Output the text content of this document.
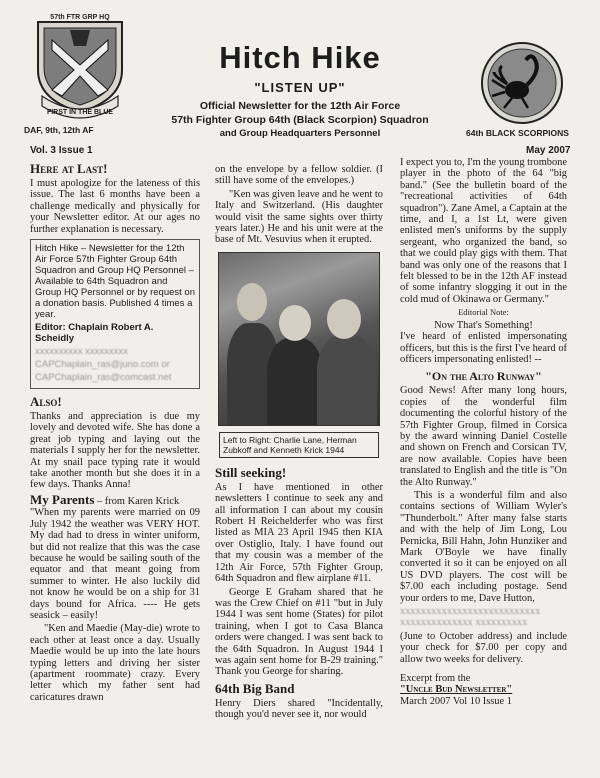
57th FTR GRP HQ
FIRST IN THE BLUE
DAF, 9th, 12th AF
Hitch Hike
"LISTEN UP"
Official Newsletter for the 12th Air Force
57th Fighter Group 64th (Black Scorpion) Squadron
and Group Headquarters Personnel	64th BLACK SCORPIONS
Vol. 3 Issue 1	May 2007
Here at Last!

I must apologize for the lateness of this issue. The last 6 months have been a challenge medically and physically for your Newsletter editor. At our ages no further explanation is necessary.

Hitch Hike – Newsletter for the 12th Air Force 57th Fighter Group 64th Squadron and Group HQ Personnel – Available to 64th Squadron and Group HQ Personnel or by request on a donation basis. Published 4 times a year.

Editor: Chaplain Robert A. Scheidly

xxxxxxxxxx xxxxxxxxx

CAPChaplain_ras@juno.com or

CAPChaplain_ras@comcast.net

Also!

Thanks and appreciation is due my lovely and devoted wife. She has done a great job typing and laying out the materials I supply her for the newsletter. At my snail pace typing rate it would take another month but she does it in a few days. Thanks Anna!

My Parents – from Karen Krick

"When my parents were married on 09 July 1942 the weather was VERY HOT. My dad had to dress in winter uniform, but did not realize that this was the case because he would be sailing south of the equator and that meant going from summer to winter. He also luckily did not know he would be on a ship for 31 days bound for Africa. ---- He gets seasick – easily!

"Ken and Maedie (May-die) wrote to each other at least once a day. Usually Maedie would be up into the late hours typing letters and driving her sister (apartment roommate) crazy. Every letter which my father sent had caricatures drawn

on the envelope by a fellow soldier. (I still have some of the envelopes.)

"Ken was given leave and he went to Italy and Switzerland. (His daughter would visit the same sights over thirty years later.) He and his unit were at the base of Mt. Vesuvius when it erupted.

Left to Right: Charlie Lane, Herman Zubkoff and Kenneth Krick 1944
Still seeking!

As I have mentioned in other newsletters I continue to seek any and all information I can about my cousin Robert H Reichelderfer who was first listed as MIA 23 April 1945 then KIA over Ostiglio, Italy. I have found out that my cousin was a member of the 12th Air Force, 57th Fighter Group, 64th Squadron and flew airplane #11.

George E Graham shared that he was the Crew Chief on #11 "but in July 1944 I was sent home (States) for pilot training, when I got to Casa Blanca orders were changed. I was sent back to the 64th Squadron. In August 1944 I was again sent home for B-29 training." Thank you George for sharing.

64th Big Band

Henry Diers shared "Incidentally, though you'd never see it, nor would

I expect you to, I'm the young trombone player in the photo of the 64 "big band." (See the bulletin board of the "recreational activities of 64th squadron"). Zane Amel, a Captain at the time, and I, a 1st Lt, were given enlisted men's uniforms by the supply sergeant, who organized the band, so that we could play gigs with them. That band was only one of the reasons that I felt blessed to be in the 12th AF instead of some infantry slogging it out in the cold mud of Okinawa or Germany."

Editorial Note:
Now That's Something!

I've heard of enlisted impersonating officers, but this is the first I've heard of officers impersonating enlisted! --

"On the Alto Runway"

Good News! After many long hours, copies of the wonderful film documenting the colorful history of the 57th Fighter Group, filmed in Corsica by the award winning Daniel Costelle and shown on French and Corsican TV, are now available. Copies have been translated to English and the title is "On the Alto Runway."

This is a wonderful film and also contains sections of William Wyler's "Thunderbolt." After many false starts and with the help of Jim Long, Lou Pernicka, Bill Hahn, John Hunziker and Mark O'Boyle we have finally converted it so it can be enjoyed on all US DVD players. The cost will be $7.00 each including postage. Send your orders to me, Dave Hutton,

xxxxxxxxxxxxxxxxxxxxxxxxxxx xxxxxxxxxxxxxx xxxxxxxxxx

(June to October address) and include your check for $7.00 per copy and allow two weeks for delivery.

Excerpt from the
"Uncle Bud Newsletter"
March 2007 Vol 10 Issue 1
